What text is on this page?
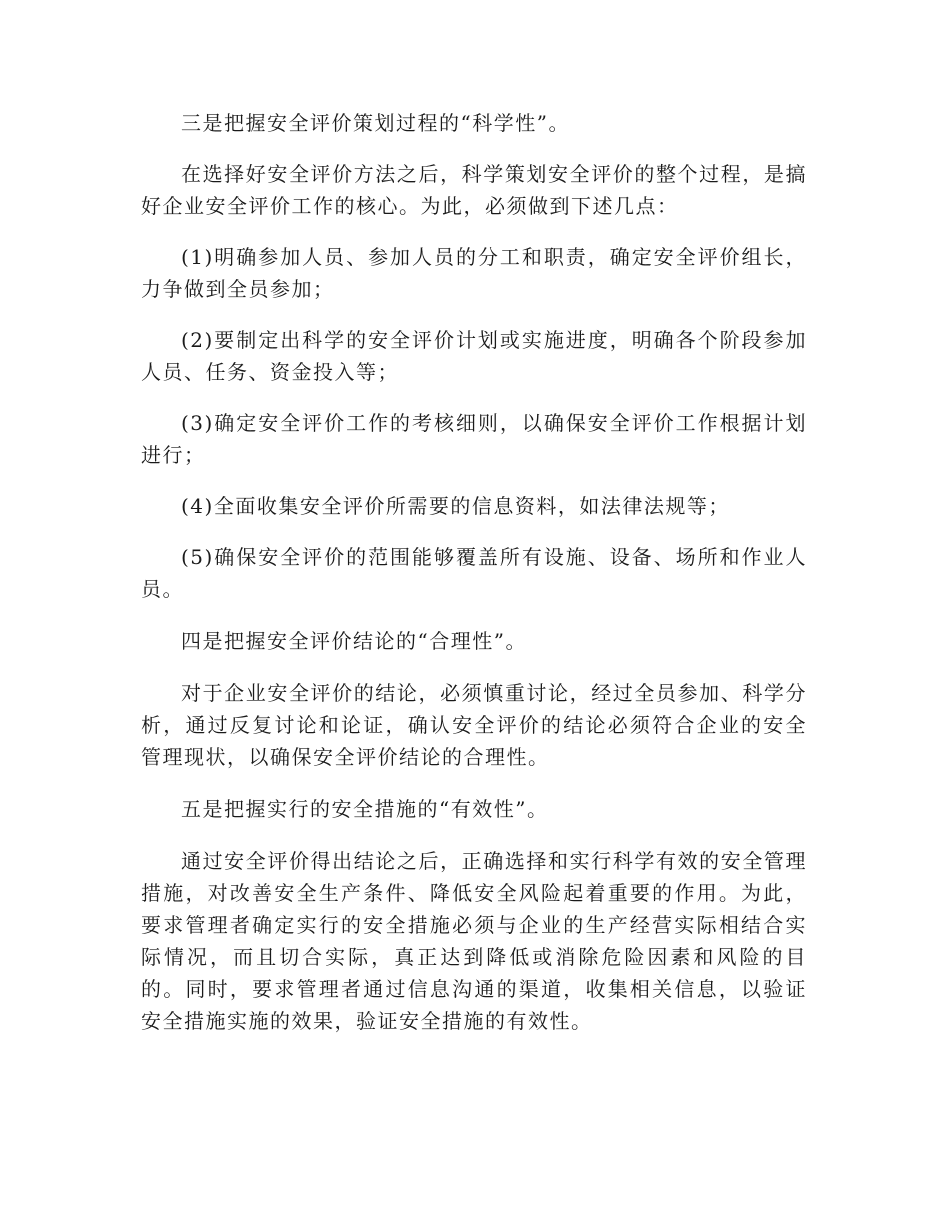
三是把握安全评价策划过程的“科学性”。

在选择好安全评价方法之后，科学策划安全评价的整个过程，是搞好企业安全评价工作的核心。为此，必须做到下述几点：

(1)明确参加人员、参加人员的分工和职责，确定安全评价组长，力争做到全员参加；

(2)要制定出科学的安全评价计划或实施进度，明确各个阶段参加人员、任务、资金投入等；

(3)确定安全评价工作的考核细则，以确保安全评价工作根据计划进行；

(4)全面收集安全评价所需要的信息资料，如法律法规等；

(5)确保安全评价的范围能够覆盖所有设施、设备、场所和作业人员。

四是把握安全评价结论的“合理性”。

对于企业安全评价的结论，必须慎重讨论，经过全员参加、科学分析，通过反复讨论和论证，确认安全评价的结论必须符合企业的安全管理现状，以确保安全评价结论的合理性。

五是把握实行的安全措施的“有效性”。

通过安全评价得出结论之后，正确选择和实行科学有效的安全管理措施，对改善安全生产条件、降低安全风险起着重要的作用。为此，要求管理者确定实行的安全措施必须与企业的生产经营实际相结合实际情况，而且切合实际，真正达到降低或消除危险因素和风险的目的。同时，要求管理者通过信息沟通的渠道，收集相关信息，以验证安全措施实施的效果，验证安全措施的有效性。
